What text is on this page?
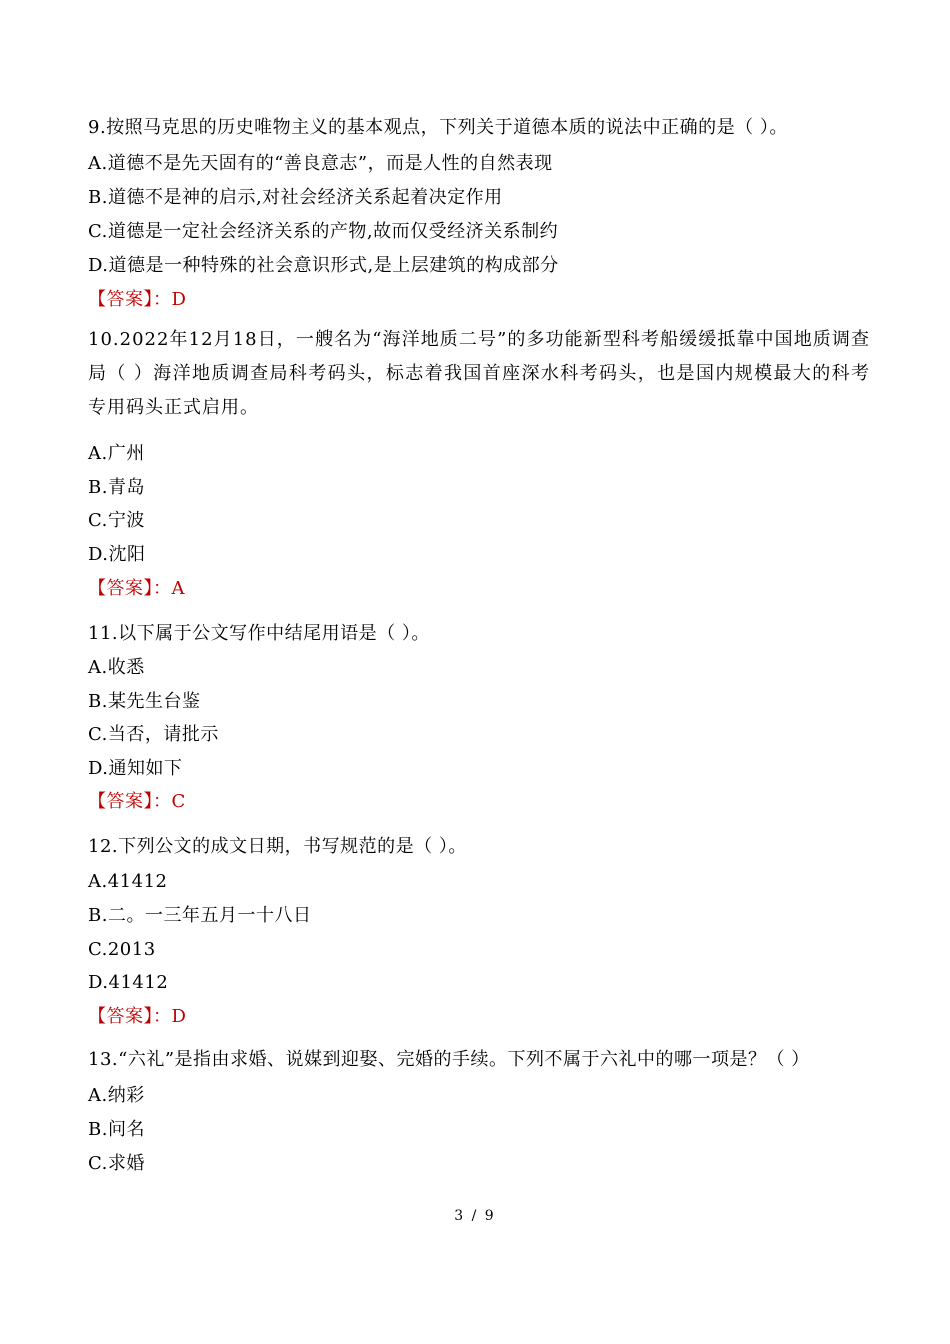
9.按照马克思的历史唯物主义的基本观点，下列关于道德本质的说法中正确的是（ ）。
A.道德不是先天固有的“善良意志”，而是人性的自然表现
B.道德不是神的启示,对社会经济关系起着决定作用
C.道德是一定社会经济关系的产物,故而仅受经济关系制约
D.道德是一种特殊的社会意识形式,是上层建筑的构成部分
【答案】：D
10.2022年12月18日，一艘名为“海洋地质二号”的多功能新型科考船缓缓抵靠中国地质调查局（ ）海洋地质调查局科考码头，标志着我国首座深水科考码头，也是国内规模最大的科考专用码头正式启用。
A.广州
B.青岛
C.宁波
D.沈阳
【答案】：A
11.以下属于公文写作中结尾用语是（ ）。
A.收悉
B.某先生台鉴
C.当否，请批示
D.通知如下
【答案】：C
12.下列公文的成文日期，书写规范的是（ ）。
A.41412
B.二。一三年五月一十八日
C.2013
D.41412
【答案】：D
13.“六礼”是指由求婚、说媒到迎娶、完婚的手续。下列不属于六礼中的哪一项是？（ ）
A.纳彩
B.问名
C.求婚
3 / 9
